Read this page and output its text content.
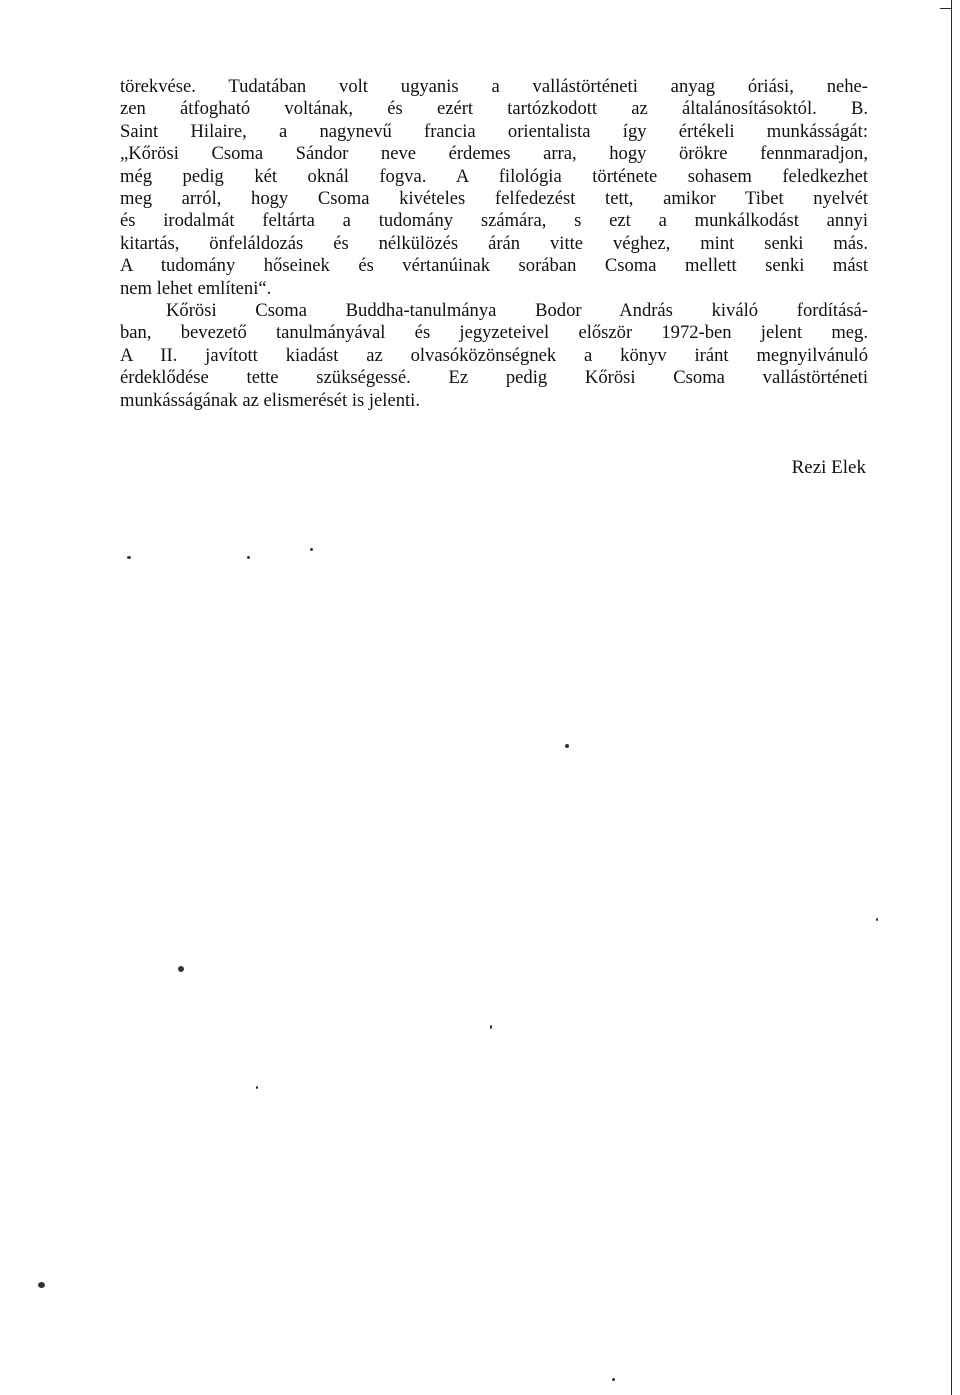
törekvése. Tudatában volt ugyanis a vallástörténeti anyag óriási, nehe-
zen átfogható voltának, és ezért tartózkodott az általánosításoktól. B.
Saint Hilaire, a nagynevű francia orientalista így értékeli munkásságát:
„Kőrösi Csoma Sándor neve érdemes arra, hogy örökre fennmaradjon,
még pedig két oknál fogva. A filológia története sohasem feledkezhet
meg arról, hogy Csoma kivételes felfedezést tett, amikor Tibet nyelvét
és irodalmát feltárta a tudomány számára, s ezt a munkálkodást annyi
kitartás, önfeláldozás és nélkülözés árán vitte véghez, mint senki más.
A tudomány hőseinek és vértanúinak sorában Csoma mellett senki mást
nem lehet említeni“.
Kőrösi Csoma Buddha-tanulmánya Bodor András kiváló fordításá-
ban, bevezető tanulmányával és jegyzeteivel először 1972-ben jelent meg.
A II. javított kiadást az olvasóközönségnek a könyv iránt megnyilvánuló
érdeklődése tette szükségessé. Ez pedig Kőrösi Csoma vallástörténeti
munkásságának az elismerését is jelenti.
Rezi Elek
